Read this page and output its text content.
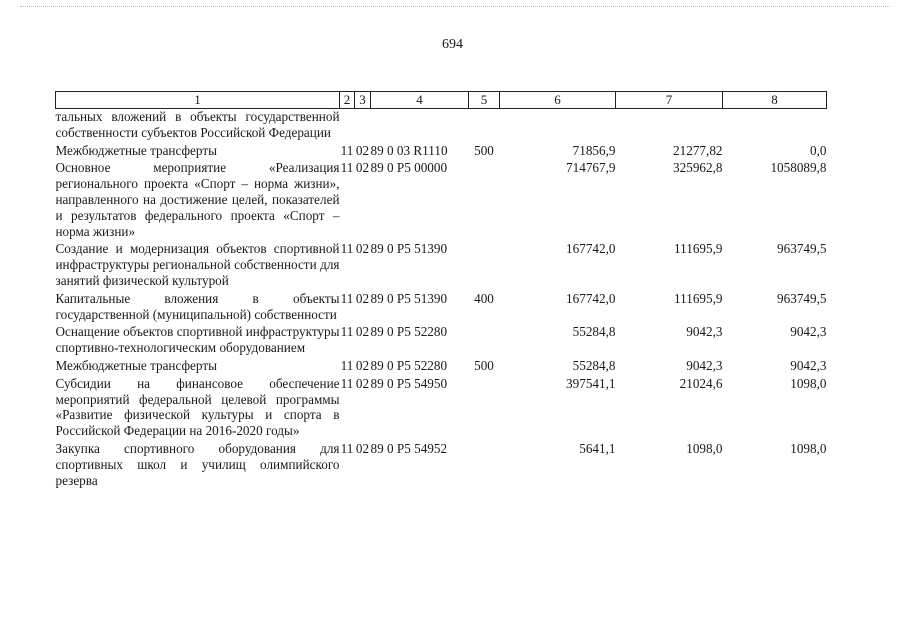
694
1	2	3	4	5	6	7	8
тальных вложений в объекты государственной собственности субъектов Российской Федерации							
Межбюджетные трансферты	11	02	89 0 03 R1110	500	71856,9	21277,82	0,0
Основное мероприятие «Реализация регионального проекта «Спорт – норма жизни», направленного на достижение целей, показателей и результатов федерального проекта «Спорт – норма жизни»	11	02	89 0 P5 00000		714767,9	325962,8	1058089,8
Создание и модернизация объектов спортивной инфраструктуры региональной собственности для занятий физической культурой	11	02	89 0 P5 51390		167742,0	111695,9	963749,5
Капитальные вложения в объекты государственной (муниципальной) собственности	11	02	89 0 P5 51390	400	167742,0	111695,9	963749,5
Оснащение объектов спортивной инфраструктуры спортивно-технологическим оборудованием	11	02	89 0 P5 52280		55284,8	9042,3	9042,3
Межбюджетные трансферты	11	02	89 0 P5 52280	500	55284,8	9042,3	9042,3
Субсидии на финансовое обеспечение мероприятий федеральной целевой программы «Развитие физической культуры и спорта в Российской Федерации на 2016-2020 годы»	11	02	89 0 P5 54950		397541,1	21024,6	1098,0
Закупка спортивного оборудования для спортивных школ и училищ олимпийского резерва	11	02	89 0 P5 54952		5641,1	1098,0	1098,0
